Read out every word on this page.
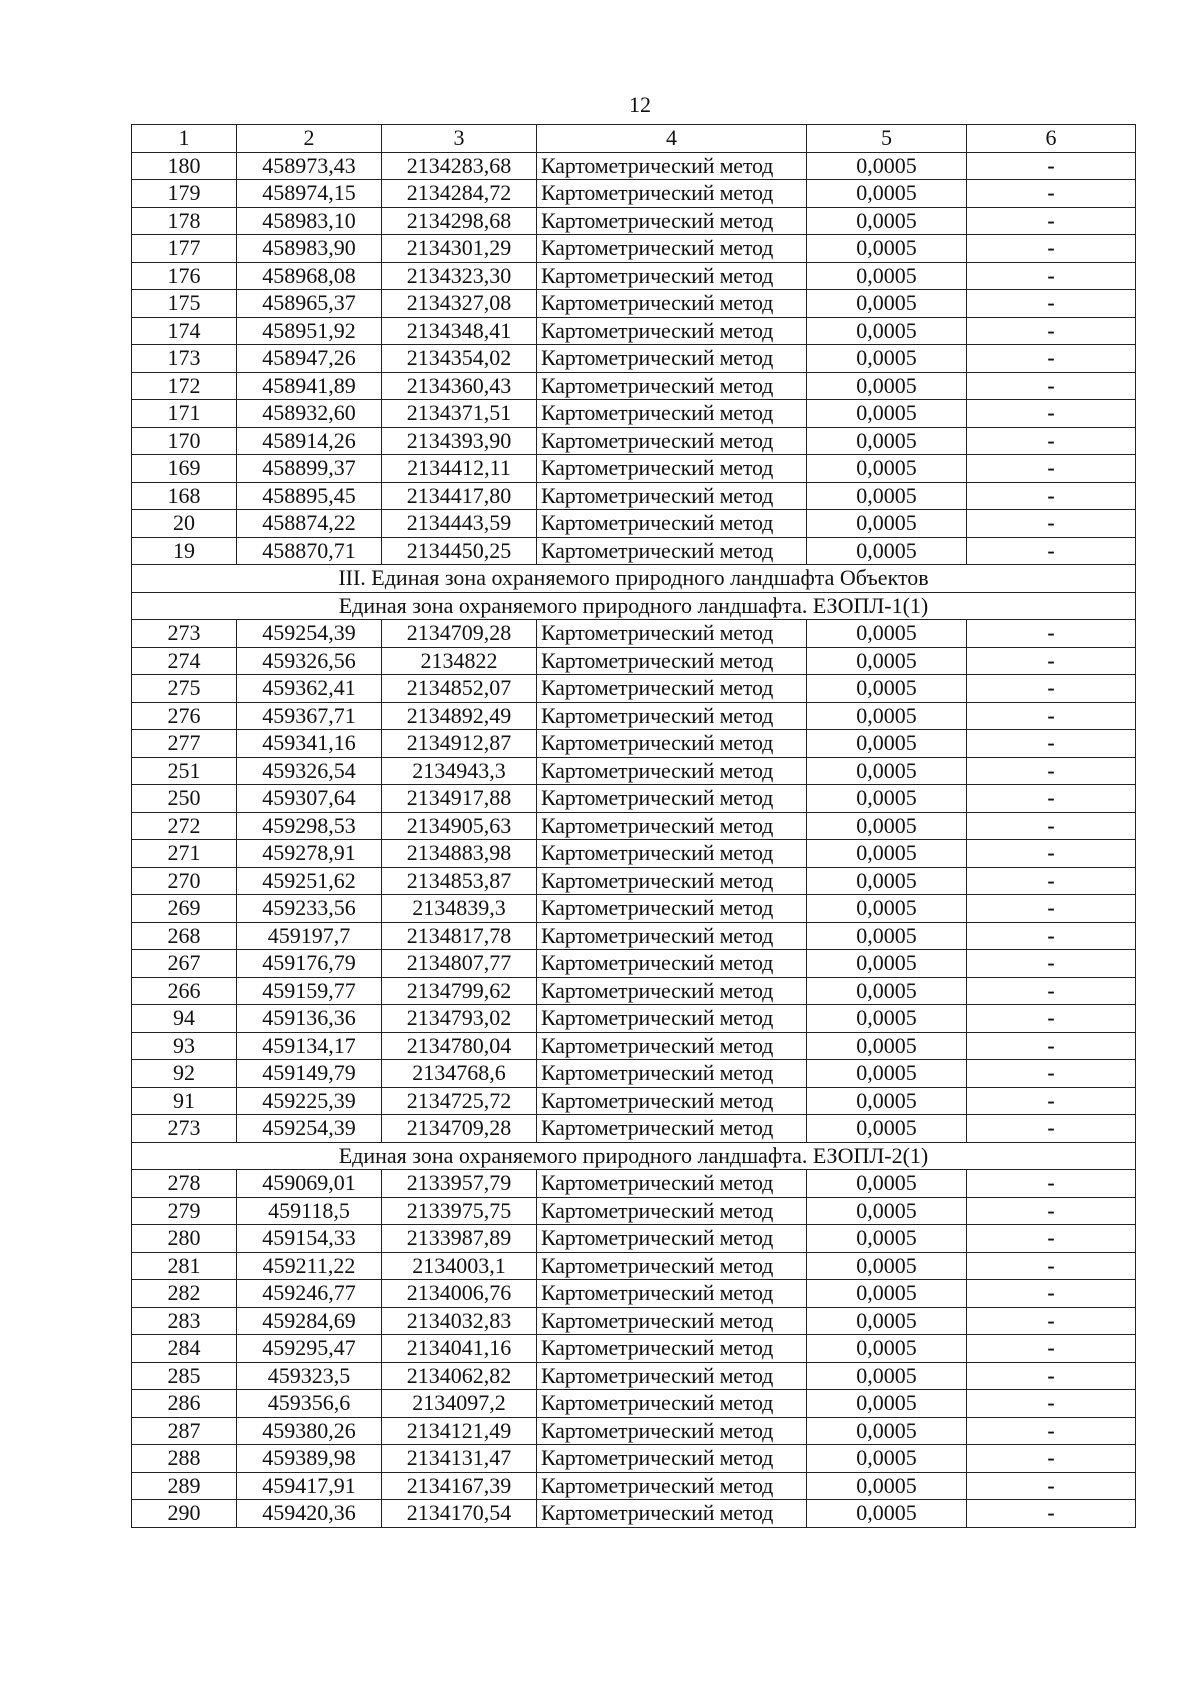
12
1	2	3	4	5	6
180	458973,43	2134283,68	Картометрический метод	0,0005	-
179	458974,15	2134284,72	Картометрический метод	0,0005	-
178	458983,10	2134298,68	Картометрический метод	0,0005	-
177	458983,90	2134301,29	Картометрический метод	0,0005	-
176	458968,08	2134323,30	Картометрический метод	0,0005	-
175	458965,37	2134327,08	Картометрический метод	0,0005	-
174	458951,92	2134348,41	Картометрический метод	0,0005	-
173	458947,26	2134354,02	Картометрический метод	0,0005	-
172	458941,89	2134360,43	Картометрический метод	0,0005	-
171	458932,60	2134371,51	Картометрический метод	0,0005	-
170	458914,26	2134393,90	Картометрический метод	0,0005	-
169	458899,37	2134412,11	Картометрический метод	0,0005	-
168	458895,45	2134417,80	Картометрический метод	0,0005	-
20	458874,22	2134443,59	Картометрический метод	0,0005	-
19	458870,71	2134450,25	Картометрический метод	0,0005	-
III. Единая зона охраняемого природного ландшафта Объектов					
Единая зона охраняемого природного ландшафта. ЕЗОПЛ-1(1)					
273	459254,39	2134709,28	Картометрический метод	0,0005	-
274	459326,56	2134822	Картометрический метод	0,0005	-
275	459362,41	2134852,07	Картометрический метод	0,0005	-
276	459367,71	2134892,49	Картометрический метод	0,0005	-
277	459341,16	2134912,87	Картометрический метод	0,0005	-
251	459326,54	2134943,3	Картометрический метод	0,0005	-
250	459307,64	2134917,88	Картометрический метод	0,0005	-
272	459298,53	2134905,63	Картометрический метод	0,0005	-
271	459278,91	2134883,98	Картометрический метод	0,0005	-
270	459251,62	2134853,87	Картометрический метод	0,0005	-
269	459233,56	2134839,3	Картометрический метод	0,0005	-
268	459197,7	2134817,78	Картометрический метод	0,0005	-
267	459176,79	2134807,77	Картометрический метод	0,0005	-
266	459159,77	2134799,62	Картометрический метод	0,0005	-
94	459136,36	2134793,02	Картометрический метод	0,0005	-
93	459134,17	2134780,04	Картометрический метод	0,0005	-
92	459149,79	2134768,6	Картометрический метод	0,0005	-
91	459225,39	2134725,72	Картометрический метод	0,0005	-
273	459254,39	2134709,28	Картометрический метод	0,0005	-
Единая зона охраняемого природного ландшафта. ЕЗОПЛ-2(1)					
278	459069,01	2133957,79	Картометрический метод	0,0005	-
279	459118,5	2133975,75	Картометрический метод	0,0005	-
280	459154,33	2133987,89	Картометрический метод	0,0005	-
281	459211,22	2134003,1	Картометрический метод	0,0005	-
282	459246,77	2134006,76	Картометрический метод	0,0005	-
283	459284,69	2134032,83	Картометрический метод	0,0005	-
284	459295,47	2134041,16	Картометрический метод	0,0005	-
285	459323,5	2134062,82	Картометрический метод	0,0005	-
286	459356,6	2134097,2	Картометрический метод	0,0005	-
287	459380,26	2134121,49	Картометрический метод	0,0005	-
288	459389,98	2134131,47	Картометрический метод	0,0005	-
289	459417,91	2134167,39	Картометрический метод	0,0005	-
290	459420,36	2134170,54	Картометрический метод	0,0005	-
